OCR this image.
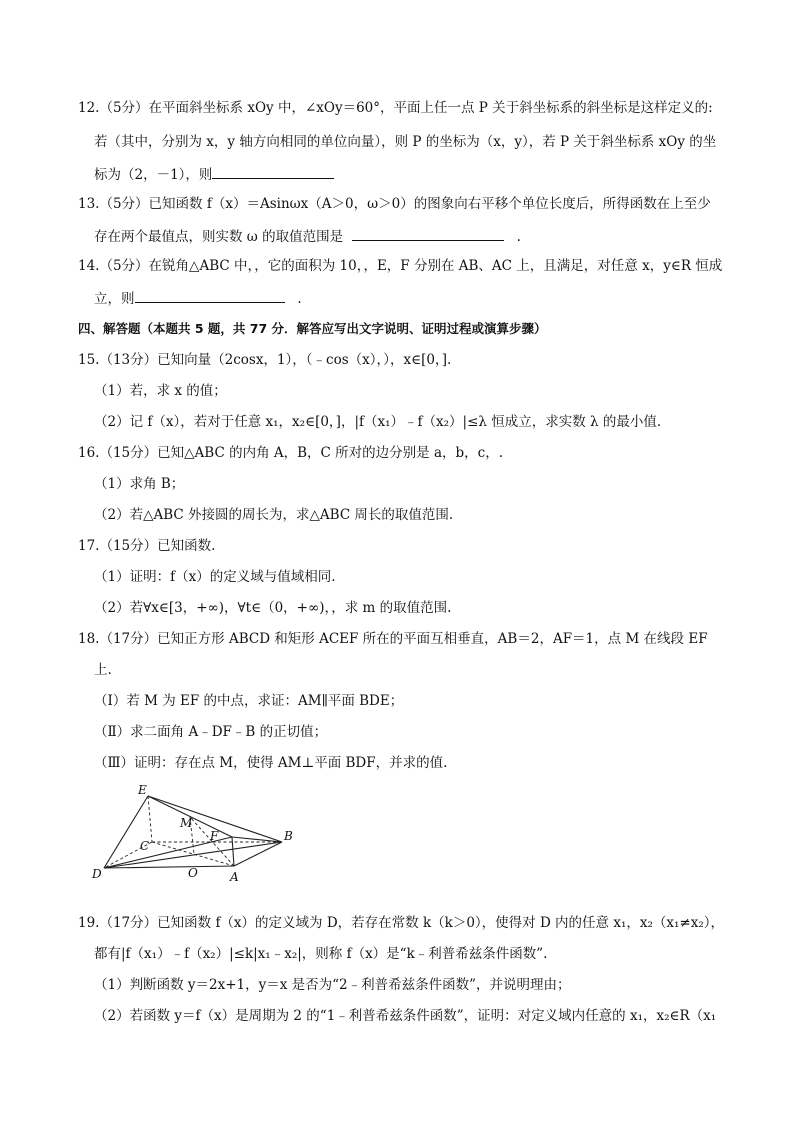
12.（5分）在平面斜坐标系 xOy 中，∠xOy＝60°，平面上任一点 P 关于斜坐标系的斜坐标是这样定义的:
若（其中，分别为 x，y 轴方向相同的单位向量），则 P 的坐标为（x，y），若 P 关于斜坐标系 xOy 的坐
标为（2，－1），则
13.（5分）已知函数 f（x）＝Asinωx（A＞0，ω＞0）的图象向右平移个单位长度后，所得函数在上至少
存在两个最值点，则实数 ω 的取值范围是	.
14.（5分）在锐角△ABC 中，，它的面积为 10，，E，F 分别在 AB、AC 上，且满足，对任意 x，y∈R 恒成
立，则	.
四、解答题（本题共 5 题，共 77 分．解答应写出文字说明、证明过程或演算步骤）
15.（13分）已知向量（2cosx，1），（﹣cos（x），），x∈[0，].
（1）若，求 x 的值；
（2）记 f（x），若对于任意 x₁，x₂∈[0，]，|f（x₁）﹣f（x₂）|≤λ 恒成立，求实数 λ 的最小值.
16.（15分）已知△ABC 的内角 A，B，C 所对的边分别是 a，b，c，.
（1）求角 B；
（2）若△ABC 外接圆的周长为，求△ABC 周长的取值范围.
17.（15分）已知函数.
（1）证明：f（x）的定义域与值域相同.
（2）若∀x∈[3，+∞)，∀t∈（0，+∞)，，求 m 的取值范围.
18.（17分）已知正方形 ABCD 和矩形 ACEF 所在的平面互相垂直，AB＝2，AF＝1，点 M 在线段 EF
上.
（Ⅰ）若 M 为 EF 的中点，求证：AM∥平面 BDE；
（Ⅱ）求二面角 A﹣DF﹣B 的正切值；
（Ⅲ）证明：存在点 M，使得 AM⊥平面 BDF，并求的值.
E
M
F
C
B
O
D	A
19.（17分）已知函数 f（x）的定义域为 D，若存在常数 k（k＞0），使得对 D 内的任意 x₁，x₂（x₁≠x₂），
都有|f（x₁）﹣f（x₂）|≤k|x₁﹣x₂|，则称 f（x）是“k﹣利普希兹条件函数”.
（1）判断函数 y＝2x+1，y＝x 是否为“2﹣利普希兹条件函数”，并说明理由；
（2）若函数 y＝f（x）是周期为 2 的“1﹣利普希兹条件函数”，证明：对定义域内任意的 x₁，x₂∈R（x₁
